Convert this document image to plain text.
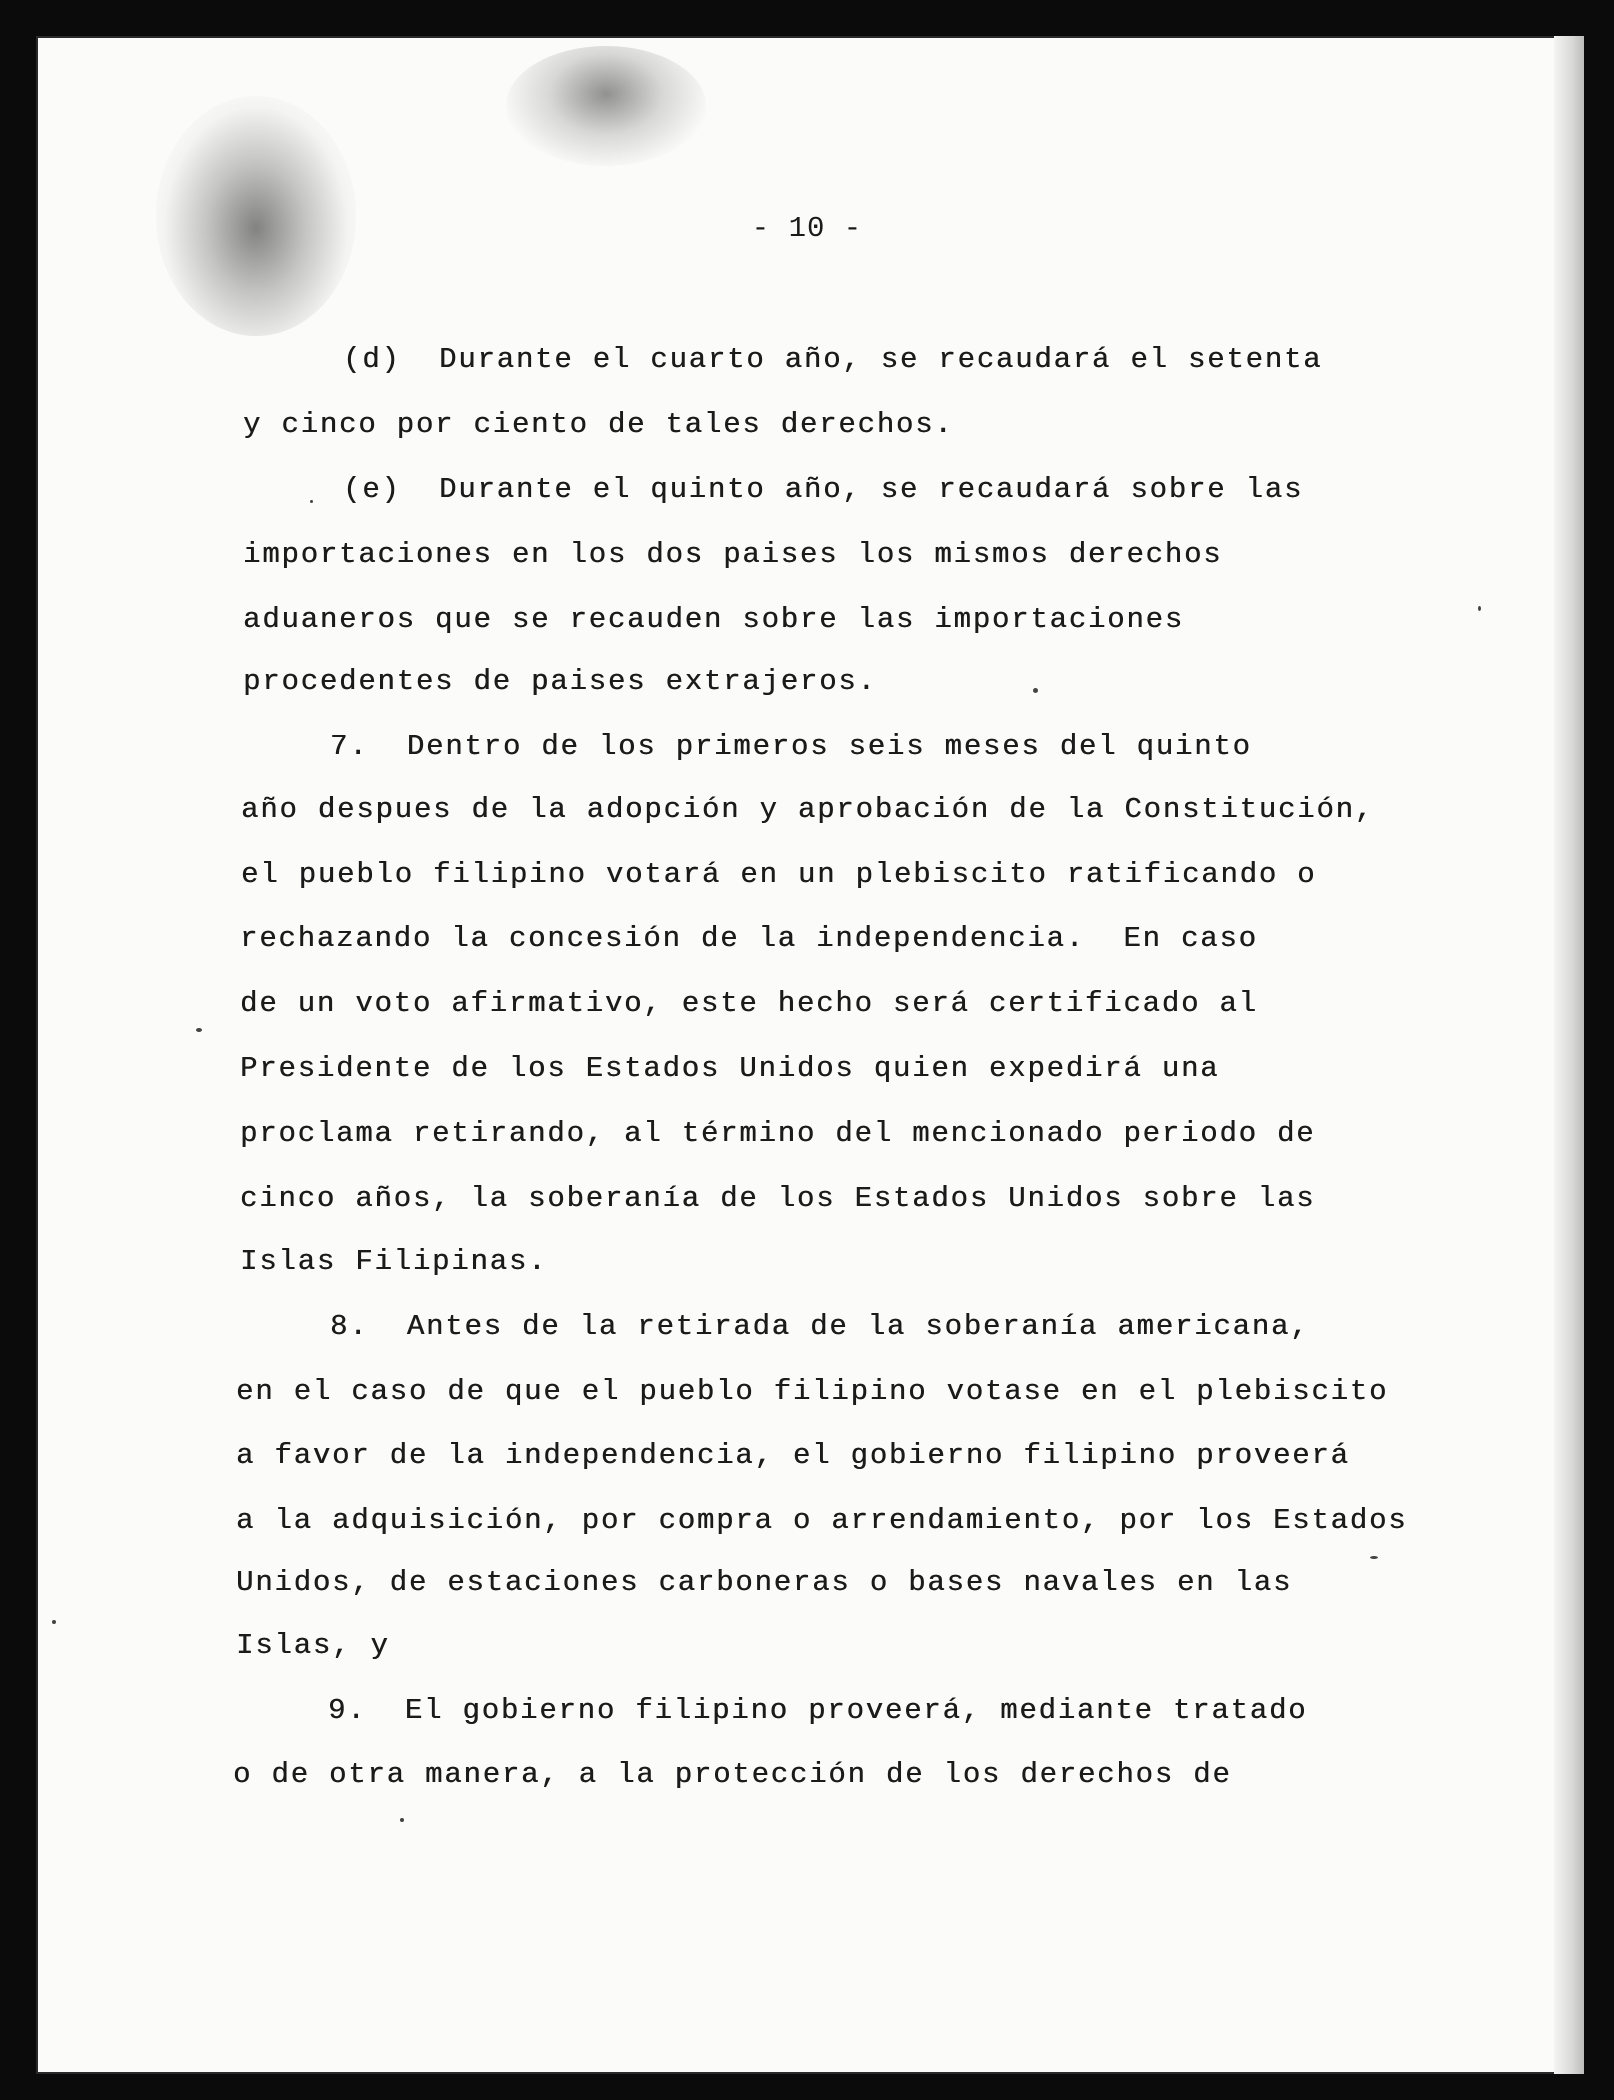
- 10 -
(d)  Durante el cuarto año, se recaudará el setenta
y cinco por ciento de tales derechos.
(e)  Durante el quinto año, se recaudará sobre las
importaciones en los dos paises los mismos derechos
aduaneros que se recauden sobre las importaciones
procedentes de paises extrajeros.
7.  Dentro de los primeros seis meses del quinto
año despues de la adopción y aprobación de la Constitución,
el pueblo filipino votará en un plebiscito ratificando o
rechazando la concesión de la independencia.  En caso
de un voto afirmativo, este hecho será certificado al
Presidente de los Estados Unidos quien expedirá una
proclama retirando, al término del mencionado periodo de
cinco años, la soberanía de los Estados Unidos sobre las
Islas Filipinas.
8.  Antes de la retirada de la soberanía americana,
en el caso de que el pueblo filipino votase en el plebiscito
a favor de la independencia, el gobierno filipino proveerá
a la adquisición, por compra o arrendamiento, por los Estados
Unidos, de estaciones carboneras o bases navales en las
Islas, y
9.  El gobierno filipino proveerá, mediante tratado
o de otra manera, a la protección de los derechos de
